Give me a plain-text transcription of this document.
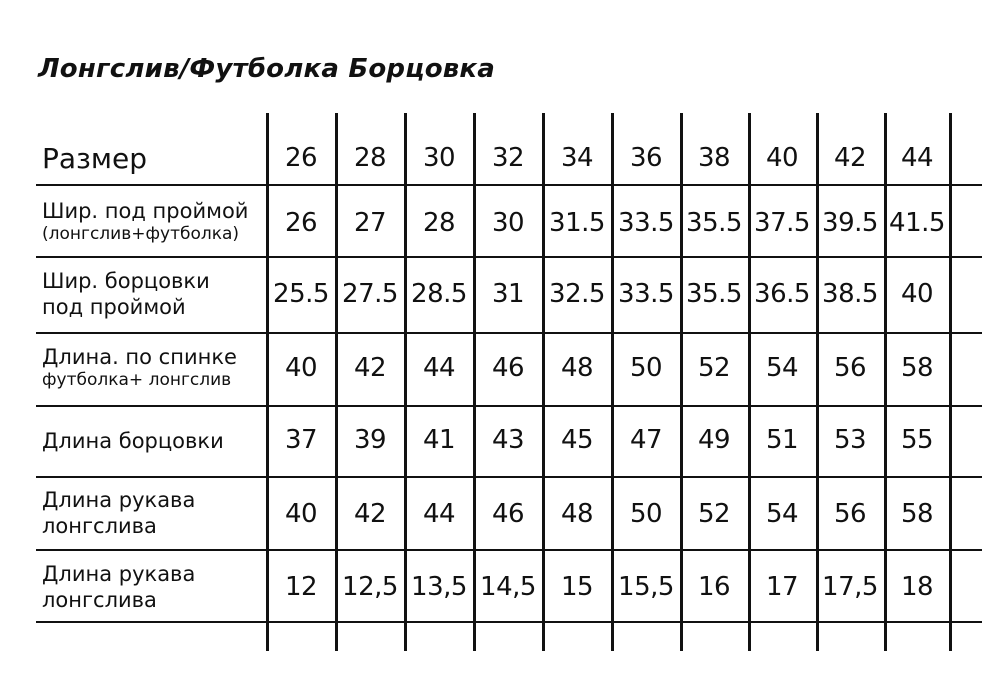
Лонгслив/Футболка Борцовка
Размер	26	28	30	32	34	36	38	40	42	44
Шир. под проймой
(лонгслив+футболка)	26	27	28	30 31.5 33.5 35.5 37.5 39.5 41.5
Шир. борцовки
под проймой	25.5 27.5 28.5 31 32.5 33.5 35.5 36.5 38.5 40
Длина. по спинке
футболка+ лонгслив	40	42	44	46	48	50	52	54	56	58
Длина борцовки	37	39	41	43	45	47	49	51	53	55
Длина рукава
лонгслива	40	42	44	46	48	50	52	54	56	58
Длина рукава
лонгслива	12 12,5 13,5 14,5 15 15,5 16	17 17,5 18
